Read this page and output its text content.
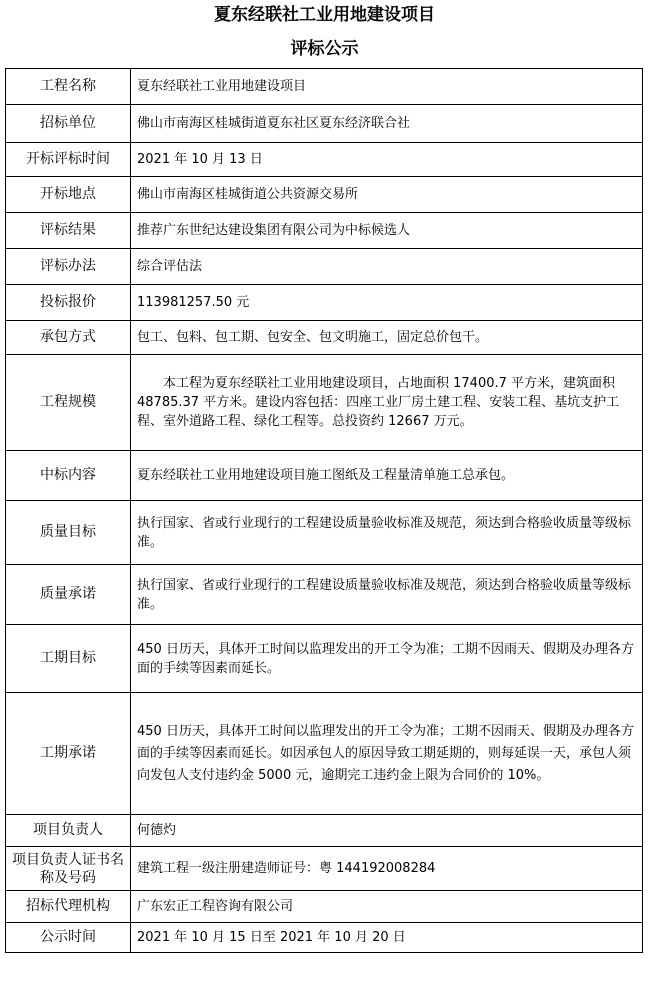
夏东经联社工业用地建设项目
评标公示
工程名称	夏东经联社工业用地建设项目
招标单位	佛山市南海区桂城街道夏东社区夏东经济联合社
开标评标时间	2021 年 10 月 13 日
开标地点	佛山市南海区桂城街道公共资源交易所
评标结果	推荐广东世纪达建设集团有限公司为中标候选人
评标办法	综合评估法
投标报价	113981257.50 元
承包方式	包工、包料、包工期、包安全、包文明施工，固定总价包干。
工程规模	本工程为夏东经联社工业用地建设项目，占地面积 17400.7 平方米，建筑面积 48785.37 平方米。建设内容包括：四座工业厂房土建工程、安装工程、基坑支护工程、室外道路工程、绿化工程等。总投资约 12667 万元。
中标内容	夏东经联社工业用地建设项目施工图纸及工程量清单施工总承包。
质量目标	执行国家、省或行业现行的工程建设质量验收标准及规范，须达到合格验收质量等级标准。
质量承诺	执行国家、省或行业现行的工程建设质量验收标准及规范，须达到合格验收质量等级标准。
工期目标	450 日历天，具体开工时间以监理发出的开工令为准；工期不因雨天、假期及办理各方面的手续等因素而延长。
工期承诺	450 日历天，具体开工时间以监理发出的开工令为准；工期不因雨天、假期及办理各方面的手续等因素而延长。如因承包人的原因导致工期延期的，则每延误一天，承包人须向发包人支付违约金 5000 元，逾期完工违约金上限为合同价的 10%。
项目负责人	何德灼
项目负责人证书名称及号码	建筑工程一级注册建造师证号：粤 144192008284
招标代理机构	广东宏正工程咨询有限公司
公示时间	2021 年 10 月 15 日至 2021 年 10 月 20 日
